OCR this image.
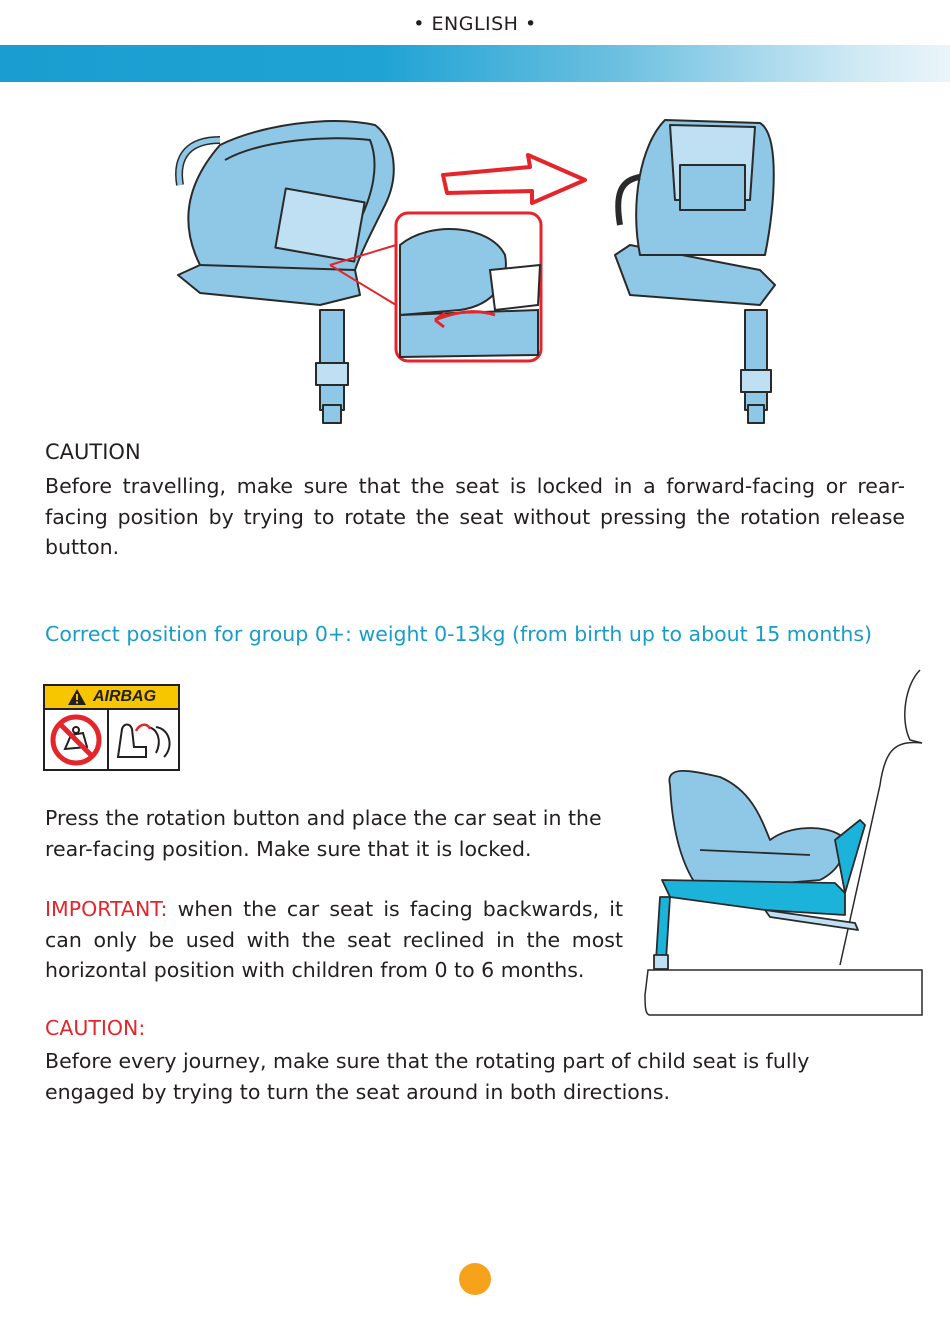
• ENGLISH •
CAUTION
Before travelling, make sure that the seat is locked in a forward-facing or rear-facing position by trying to rotate the seat without pressing the rotation release button.
Correct position for group 0+: weight 0-13kg (from birth up to about 15 months)
AIRBAG
Press the rotation button and place the car seat in the rear-facing position. Make sure that it is locked.
IMPORTANT: when the car seat is facing backwards, it can only be used with the seat reclined in the most horizontal position with children from 0 to 6 months.
CAUTION:
Before every journey, make sure that the rotating part of child seat is fully engaged by trying to turn the seat around in both directions.
